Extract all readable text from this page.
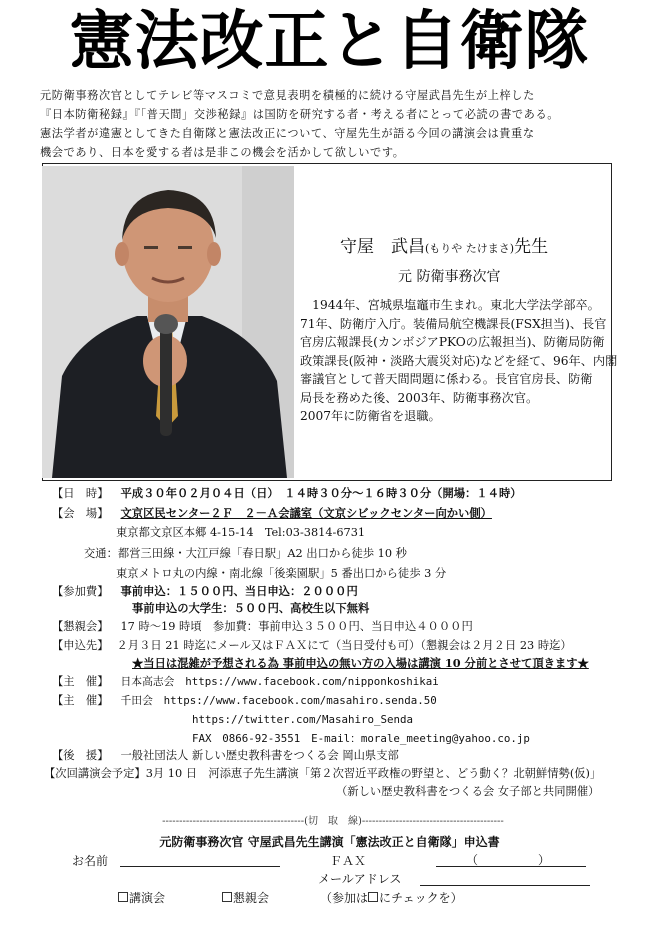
憲法改正と自衛隊
元防衛事務次官としてテレビ等マスコミで意見表明を積極的に続ける守屋武昌先生が上梓した
『日本防衛秘録』『「普天間」交渉秘録』は国防を研究する者・考える者にとって必読の書である。
憲法学者が違憲としてきた自衛隊と憲法改正について、守屋先生が語る今回の講演会は貴重な
機会であり、日本を愛する者は是非この機会を活かして欲しいです。
守屋　武昌(もりや たけまさ)先生
元 防衛事務次官
　1944年、宮城県塩竈市生まれ。東北大学法学部卒。
71年、防衛庁入庁。装備局航空機課長(FSX担当)、長官
官房広報課長(カンボジアPKOの広報担当)、防衛局防衛
政策課長(阪神・淡路大震災対応)などを経て、96年、内閣
審議官として普天間問題に係わる。長官官房長、防衛
局長を務めた後、2003年、防衛事務次官。
2007年に防衛省を退職。
【日　時】 平成３０年０２月０４日（日）　１４時３０分～１６時３０分（開場：１４時）
【会　場】 文京区民センター２Ｆ　２－Ａ会議室（文京シビックセンター向かい側）
東京都文京区本郷 4-15-14　Tel:03-3814-6731
交通：都営三田線・大江戸線「春日駅」A2 出口から徒歩 10 秒
東京メトロ丸の内線・南北線「後楽園駅」5 番出口から徒歩 3 分
【参加費】 事前申込：１５００円、当日申込：２０００円
事前申込の大学生：５００円、高校生以下無料
【懇親会】 17 時～19 時頃　参加費：事前申込３５００円、当日申込４０００円
【申込先】 ２月３日 21 時迄にメール又はＦＡＸにて（当日受付も可）（懇親会は２月２日 23 時迄）
★当日は混雑が予想される為 事前申込の無い方の入場は講演 10 分前とさせて頂きます★
【主　催】 日本高志会　https://www.facebook.com/nipponkoshikai
【主　催】 千田会　https://www.facebook.com/masahiro.senda.50
https://twitter.com/Masahiro_Senda
FAX　0866-92-3551　E-mail：morale_meeting@yahoo.co.jp
【後　援】 一般社団法人 新しい歴史教科書をつくる会 岡山県支部
【次回講演会予定】3月 10 日　河添恵子先生講演「第２次習近平政権の野望と、どう動く？北朝鮮情勢(仮)」
（新しい歴史教科書をつくる会 女子部と共同開催）
------------------------------------------(切　取　線)------------------------------------------
元防衛事務次官 守屋武昌先生講演「憲法改正と自衛隊」申込書
お名前	ＦＡＸ	（	）
メールアドレス
講演会	懇親会	（参加は にチェックを）
